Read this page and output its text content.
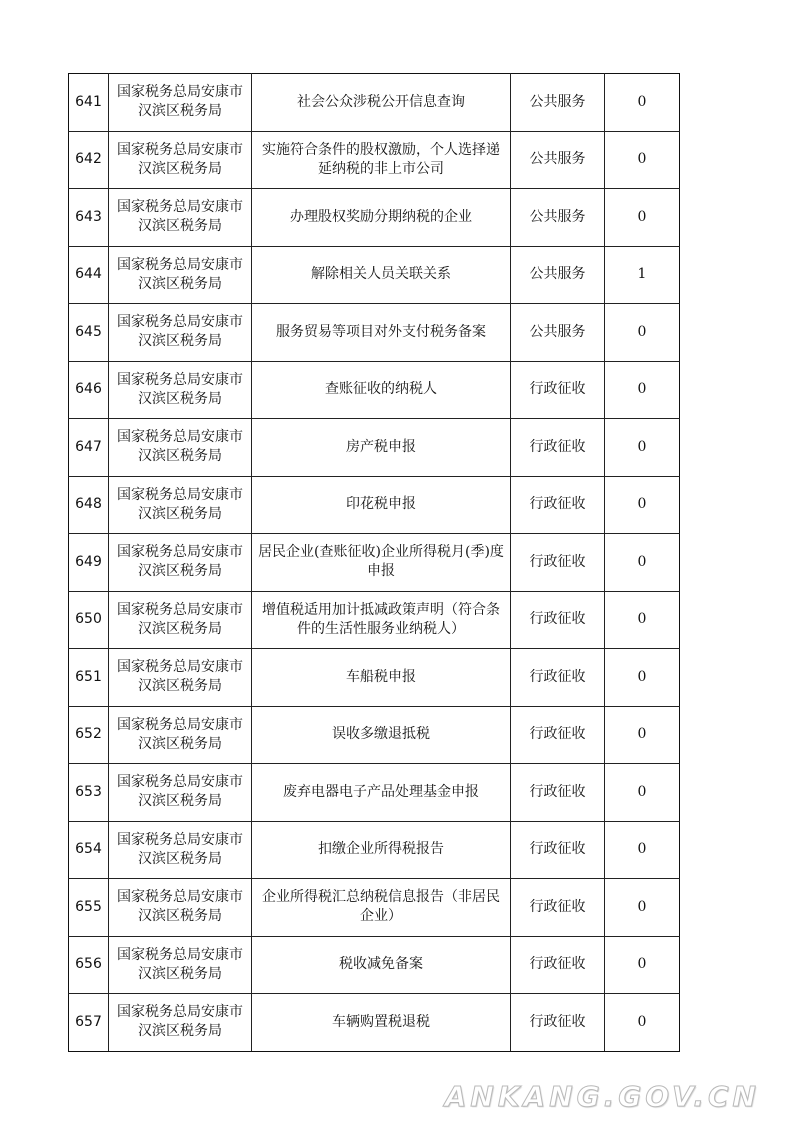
641	国家税务总局安康市汉滨区税务局	社会公众涉税公开信息查询	公共服务	0
642	国家税务总局安康市汉滨区税务局	实施符合条件的股权激励，个人选择递延纳税的非上市公司	公共服务	0
643	国家税务总局安康市汉滨区税务局	办理股权奖励分期纳税的企业	公共服务	0
644	国家税务总局安康市汉滨区税务局	解除相关人员关联关系	公共服务	1
645	国家税务总局安康市汉滨区税务局	服务贸易等项目对外支付税务备案	公共服务	0
646	国家税务总局安康市汉滨区税务局	查账征收的纳税人	行政征收	0
647	国家税务总局安康市汉滨区税务局	房产税申报	行政征收	0
648	国家税务总局安康市汉滨区税务局	印花税申报	行政征收	0
649	国家税务总局安康市汉滨区税务局	居民企业(查账征收)企业所得税月(季)度申报	行政征收	0
650	国家税务总局安康市汉滨区税务局	增值税适用加计抵减政策声明（符合条件的生活性服务业纳税人）	行政征收	0
651	国家税务总局安康市汉滨区税务局	车船税申报	行政征收	0
652	国家税务总局安康市汉滨区税务局	误收多缴退抵税	行政征收	0
653	国家税务总局安康市汉滨区税务局	废弃电器电子产品处理基金申报	行政征收	0
654	国家税务总局安康市汉滨区税务局	扣缴企业所得税报告	行政征收	0
655	国家税务总局安康市汉滨区税务局	企业所得税汇总纳税信息报告（非居民企业）	行政征收	0
656	国家税务总局安康市汉滨区税务局	税收减免备案	行政征收	0
657	国家税务总局安康市汉滨区税务局	车辆购置税退税	行政征收	0
ANKANG.GOV.CN
